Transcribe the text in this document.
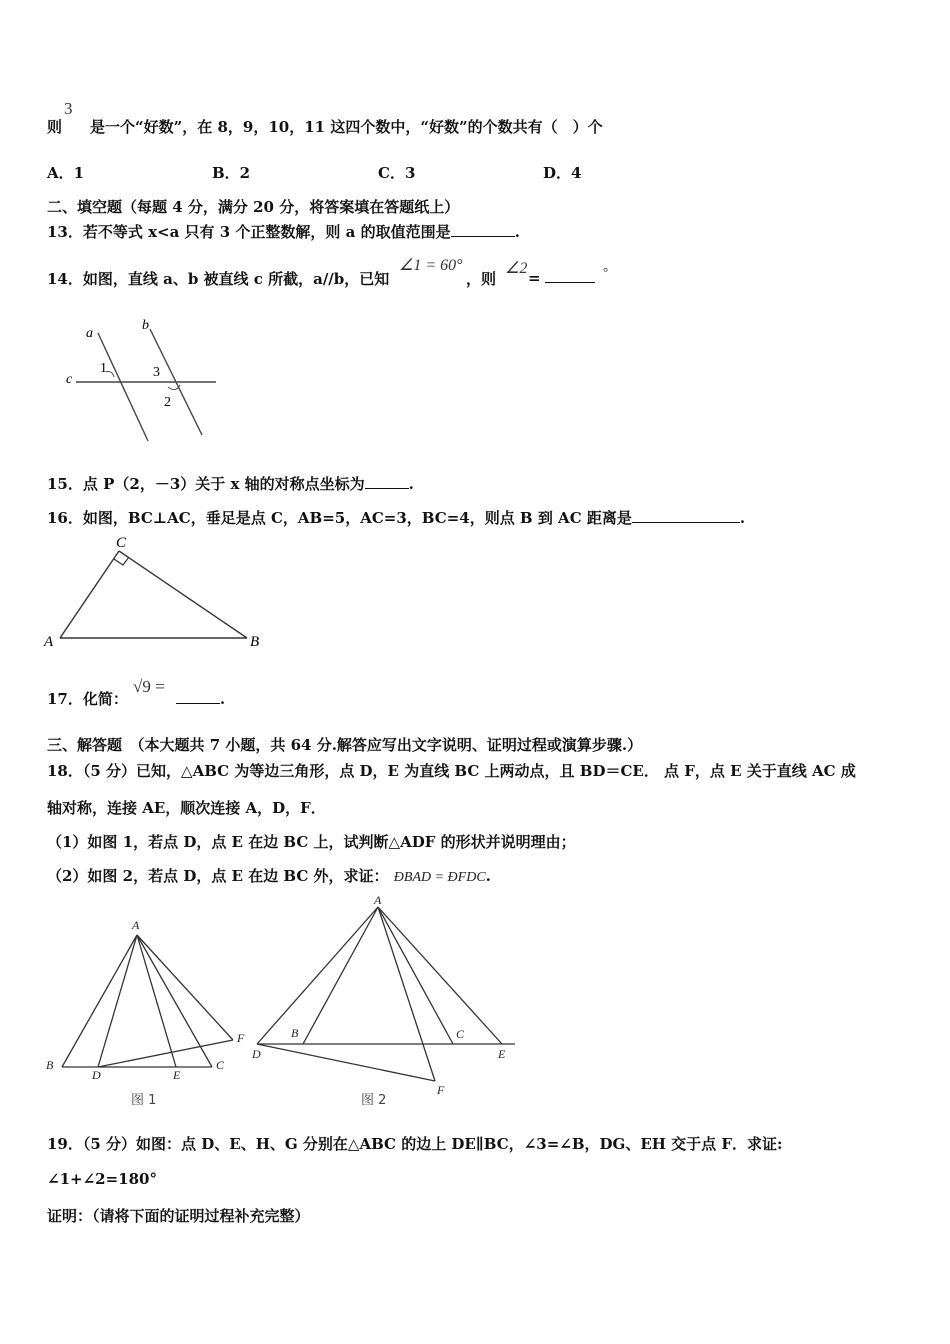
则 是一个“好数”，在 8，9，10，11 这四个数中，“好数”的个数共有（　）个
3
A．1	B．2	C．3	D．4
二、填空题（每题 4 分，满分 20 分，将答案填在答题纸上）
13．若不等式 x<a 只有 3 个正整数解，则 a 的取值范围是	.
14．如图，直线 a、b 被直线 c 所截，a//b，已知
∠1 = 60°
，则
∠2
=	°
a
b
c
1	3
2
15．点 P（2，－3）关于 x 轴的对称点坐标为	.
16．如图，BC⊥AC，垂足是点 C，AB=5，AC=3，BC=4，则点 B 到 AC 距离是	.
C
A	B
17．化简：	.
√9 =
三、解答题　（本大题共 7 小题，共 64 分.解答应写出文字说明、证明过程或演算步骤.）
18．（5 分）已知，△ABC 为等边三角形，点 D，E 为直线 BC 上两动点，且 BD＝CE． 点 F，点 E 关于直线 AC 成
轴对称，连接 AE，顺次连接 A，D，F．
（1）如图 1，若点 D，点 E 在边 BC 上，试判断△ADF 的形状并说明理由；
（2）如图 2，若点 D，点 E 在边 BC 外，求证： ÐBAD = ÐFDC.
A
B
D	E
C
F
图 1
A
B	C
D	E
F
图 2
19．（5 分）如图：点 D、E、H、G 分别在△ABC 的边上 DE∥BC，∠3=∠B，DG、EH 交于点 F．求证:
∠1+∠2=180°
证明：（请将下面的证明过程补充完整）
